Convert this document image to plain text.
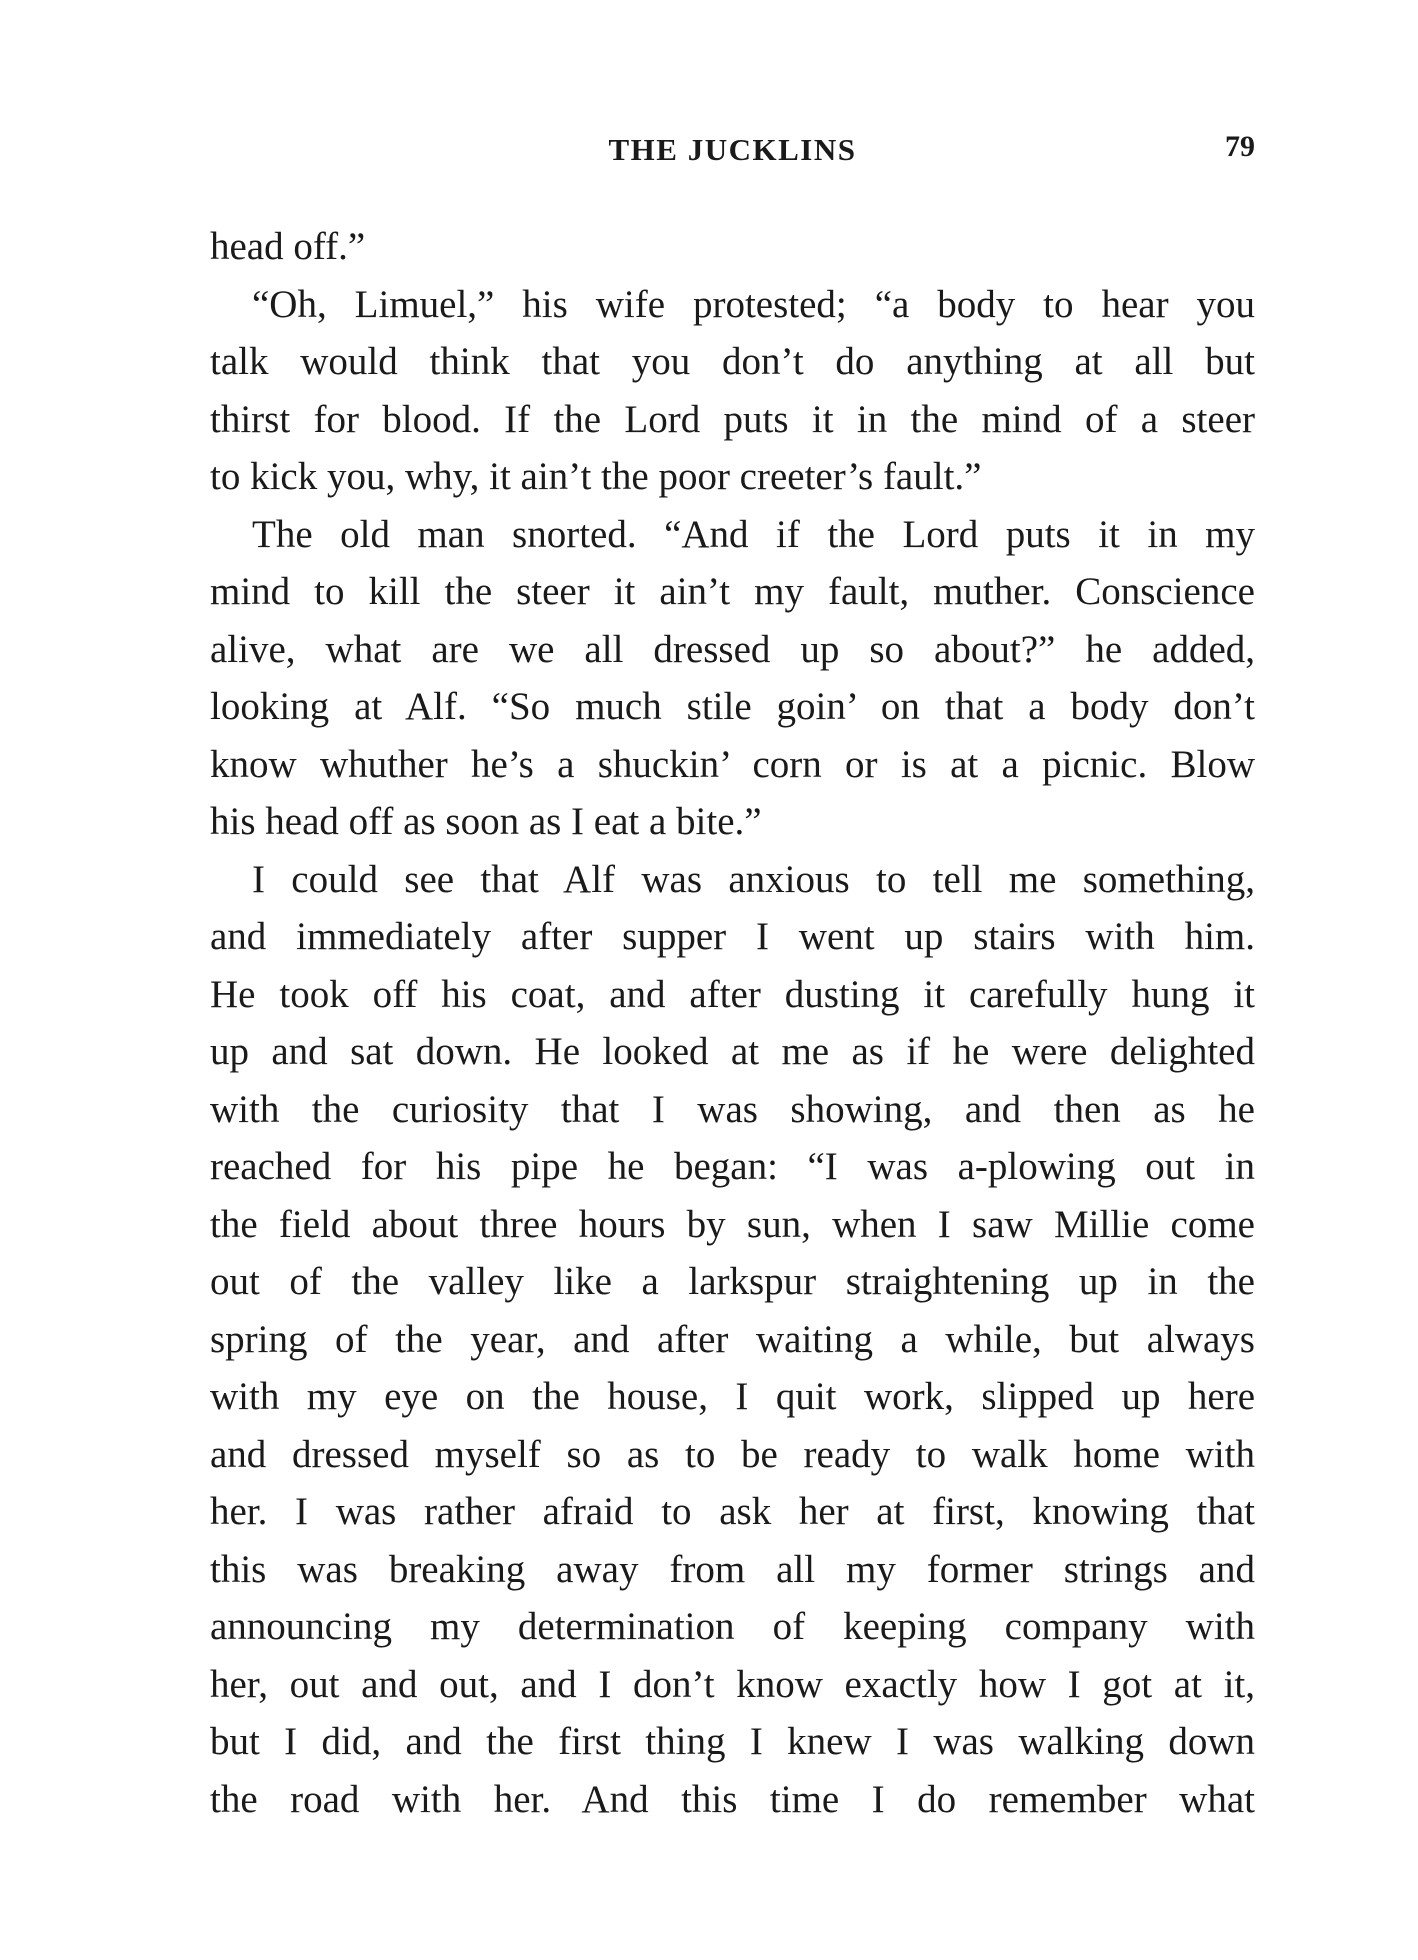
THE JUCKLINS	79
head off.”
“Oh, Limuel,” his wife protested; “a body to hear you
talk would think that you don’t do anything at all but
thirst for blood. If the Lord puts it in the mind of a steer
to kick you, why, it ain’t the poor creeter’s fault.”
The old man snorted. “And if the Lord puts it in my
mind to kill the steer it ain’t my fault, muther. Conscience
alive, what are we all dressed up so about?” he added,
looking at Alf. “So much stile goin’ on that a body don’t
know whuther he’s a shuckin’ corn or is at a picnic. Blow
his head off as soon as I eat a bite.”
I could see that Alf was anxious to tell me something,
and immediately after supper I went up stairs with him.
He took off his coat, and after dusting it carefully hung it
up and sat down. He looked at me as if he were delighted
with the curiosity that I was showing, and then as he
reached for his pipe he began: “I was a-plowing out in
the field about three hours by sun, when I saw Millie come
out of the valley like a larkspur straightening up in the
spring of the year, and after waiting a while, but always
with my eye on the house, I quit work, slipped up here
and dressed myself so as to be ready to walk home with
her. I was rather afraid to ask her at first, knowing that
this was breaking away from all my former strings and
announcing my determination of keeping company with
her, out and out, and I don’t know exactly how I got at it,
but I did, and the first thing I knew I was walking down
the road with her. And this time I do remember what
